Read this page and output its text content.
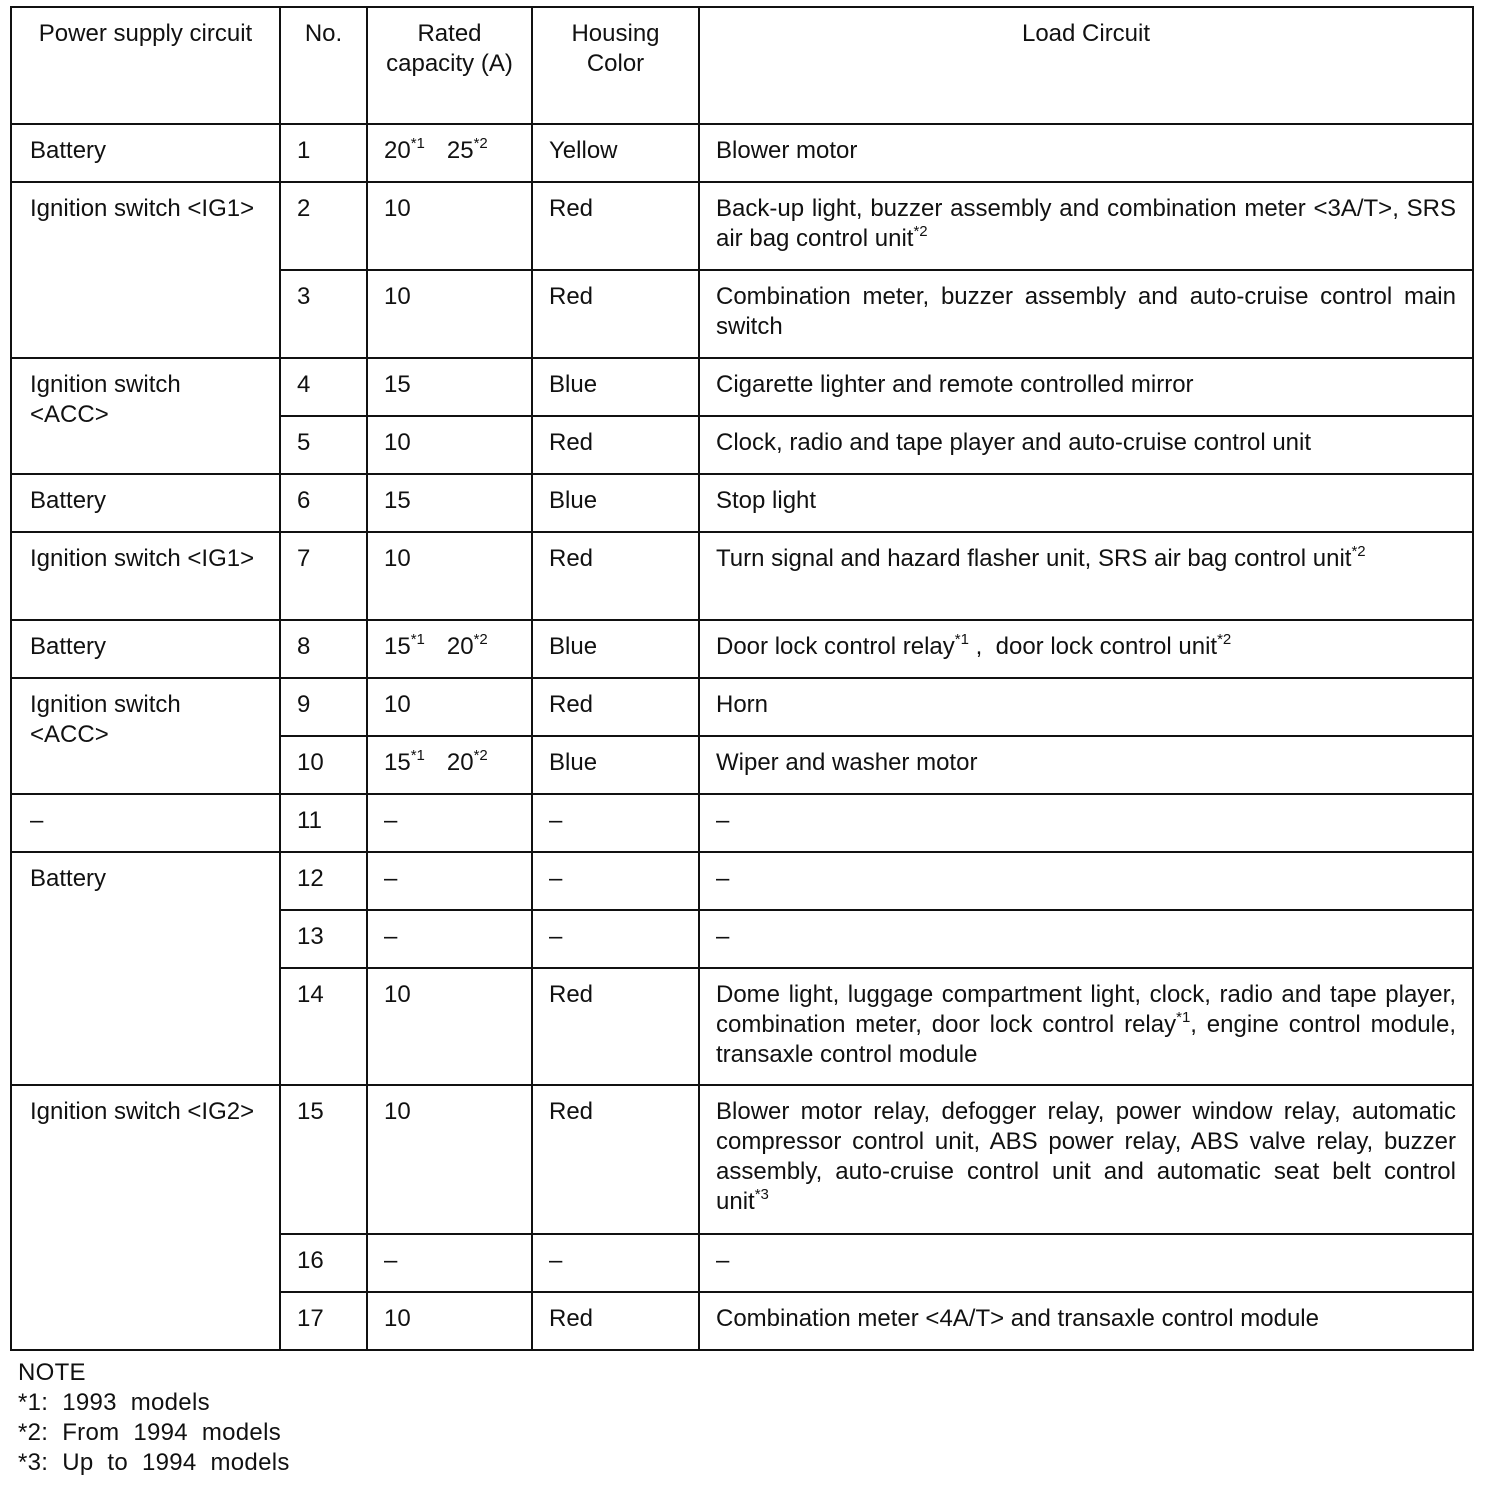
Power supply circuit	No.	Rated capacity (A)	Housing Color	Load Circuit
Battery	1	20$^{*1}$ 25$^{*2}$	Yellow	Blower motor
Ignition switch <IG1>	2	10	Red	Back-up light, buzzer assembly and combination meter <3A/T>, SRS air bag control unit$^{*2}$
	3	10	Red	Combination meter, buzzer assembly and auto-cruise control main switch
Ignition switch <ACC>	4	15	Blue	Cigarette lighter and remote controlled mirror
	5	10	Red	Clock, radio and tape player and auto-cruise control unit
Battery	6	15	Blue	Stop light
Ignition switch <IG1>	7	10	Red	Turn signal and hazard flasher unit, SRS air bag control unit$^{*2}$
Battery	8	15$^{*1}$ 20$^{*2}$	Blue	Door lock control relay$^{*1}$ ,  door lock control unit$^{*2}$
Ignition switch <ACC>	9	10	Red	Horn
	10	15$^{*1}$ 20$^{*2}$	Blue	Wiper and washer motor
–	11	–	–	–
Battery	12	–	–	–
	13	–	–	–
	14	10	Red	Dome light, luggage compartment light, clock, radio and tape player, combination meter, door lock control relay$^{*1}$, engine control module, transaxle control module
Ignition switch <IG2>	15	10	Red	Blower motor relay, defogger relay, power window relay, automatic compressor control unit, ABS power relay, ABS valve relay, buzzer assembly, auto-cruise control unit and automatic seat belt control unit$^{*3}$
	16	–	–	–
	17	10	Red	Combination meter <4A/T> and transaxle control module
NOTE
*1:  1993  models
*2:  From  1994  models
*3:  Up  to  1994  models
